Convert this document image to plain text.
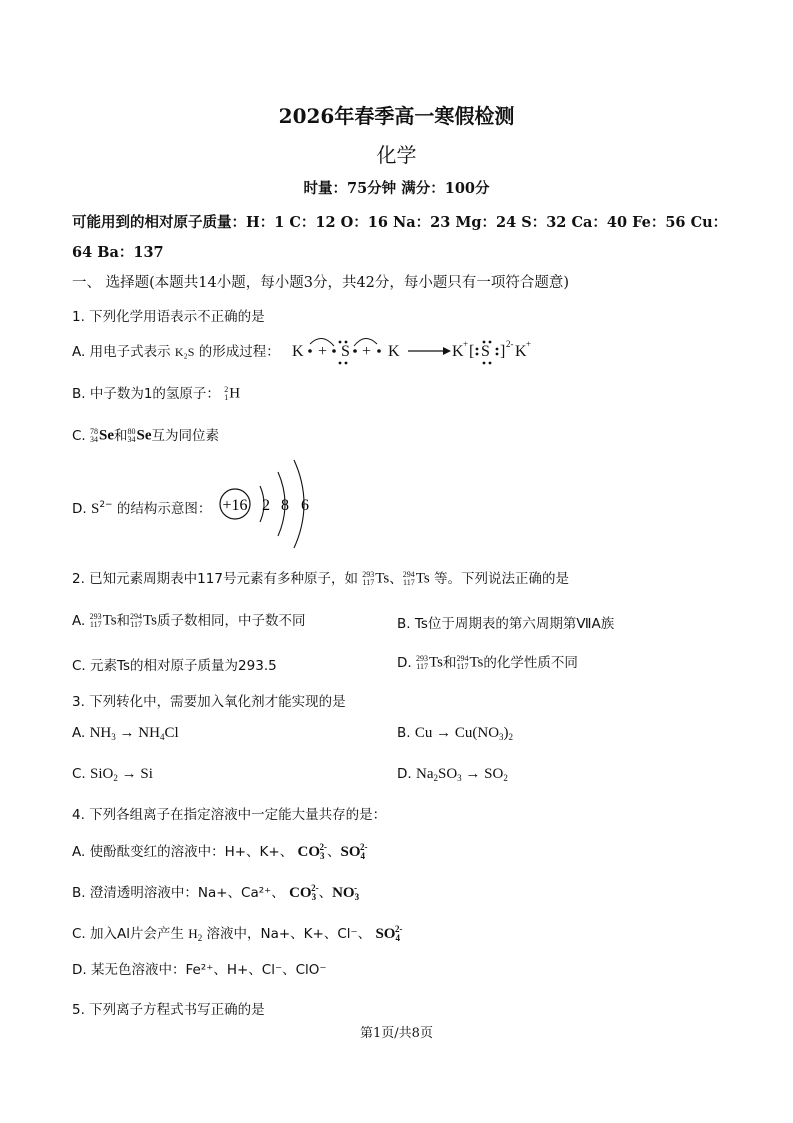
2026年春季高一寒假检测
化学
时量：75分钟 满分：100分
可能用到的相对原子质量：H：1 C：12 O：16 Na：23 Mg：24 S：32 Ca：40 Fe：56 Cu：64 Ba：137
一、 选择题(本题共14小题，每小题3分，共42分，每小题只有一项符合题意)
1. 下列化学用语表示不正确的是
A. 用电子式表示 K₂S 的形成过程： K + S + K	K + [ S ] 2- K +
B. 中子数为1的氢原子： 2
1 H
C. 78
34 Se和 80
34 Se互为同位素
D. $S^{2-}$ 的结构示意图： +16 2 8 6
2. 已知元素周期表中117号元素有多种原子，如 293
117 Ts、 294
117 Ts 等。下列说法正确的是
A. 293
117 Ts和 294
117 Ts质子数相同，中子数不同	B. Ts位于周期表的第六周期第ⅦA族
C. 元素Ts的相对原子质量为293.5	D. 293
117 Ts和 294
117 Ts的化学性质不同
3. 下列转化中，需要加入氧化剂才能实现的是
A. $NH_3 \to NH_4Cl$	B. $Cu \to Cu(NO_3)_2$
C. SiO$_2$ → Si	D. $Na_2SO_3 \to SO_2$
4. 下列各组离子在指定溶液中一定能大量共存的是：
A. 使酚酞变红的溶液中：H+、K+、 $CO_3^{2-}$、$SO_4^{2-}$
B. 澄清透明溶液中：Na+、Ca²⁺、 $CO_3^{2-}$、$NO_3^-$
C. 加入Al片会产生 $H_2$ 溶液中，Na+、K+、Cl⁻、 $SO_4^{2-}$
D. 某无色溶液中：Fe²⁺、H+、Cl⁻、ClO⁻
5. 下列离子方程式书写正确的是
第1页/共8页
